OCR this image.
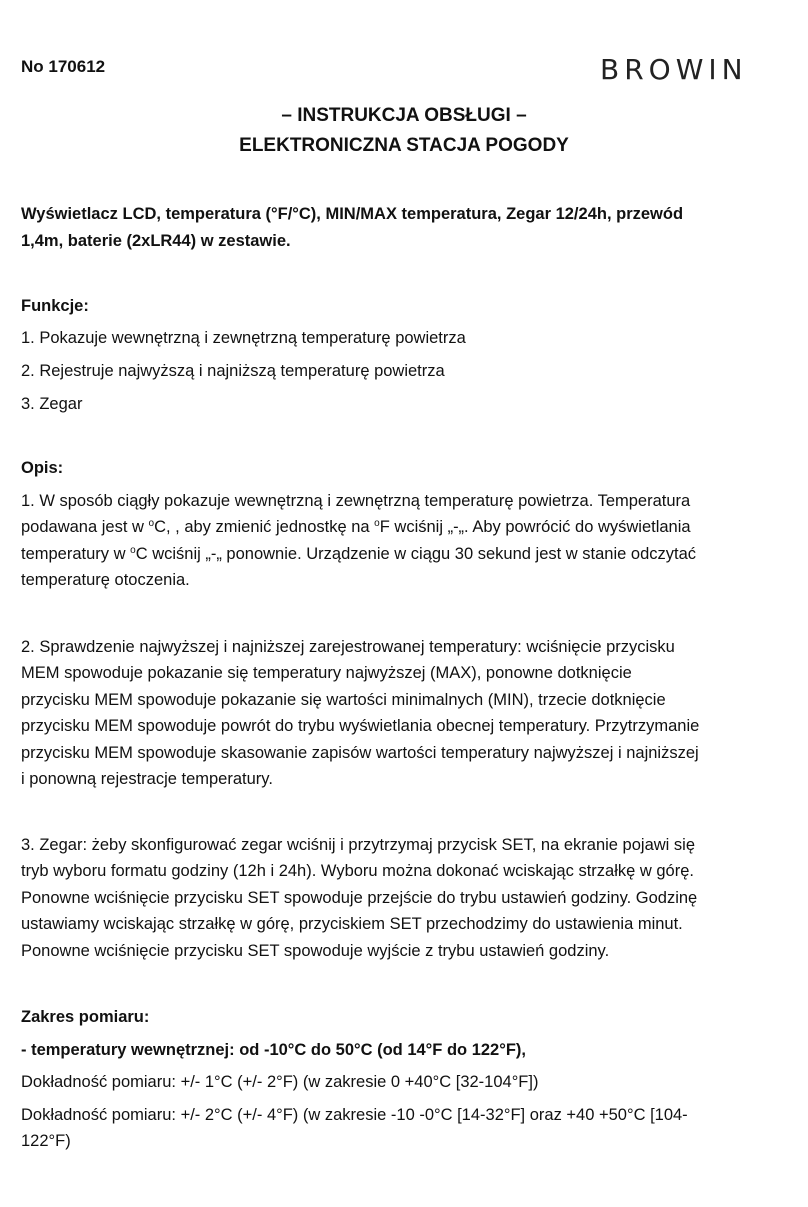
No 170612	BROWIN
– INSTRUKCJA OBSŁUGI –
ELEKTRONICZNA STACJA POGODY
Wyświetlacz LCD, temperatura (°F/°C), MIN/MAX temperatura, Zegar 12/24h, przewód
1,4m, baterie (2xLR44) w zestawie.
Funkcje:
1. Pokazuje wewnętrzną i zewnętrzną temperaturę powietrza
2. Rejestruje najwyższą i najniższą temperaturę powietrza
3. Zegar
Opis:
1. W sposób ciągły pokazuje wewnętrzną i zewnętrzną temperaturę powietrza. Temperatura
podawana jest w $^o$C, , aby zmienić jednostkę na $^o$F wciśnij „-„. Aby powrócić do wyświetlania
temperatury w $^o$C wciśnij „-„ ponownie. Urządzenie w ciągu 30 sekund jest w stanie odczytać
temperaturę otoczenia.
2. Sprawdzenie najwyższej i najniższej zarejestrowanej temperatury: wciśnięcie przycisku
MEM spowoduje pokazanie się temperatury najwyższej (MAX), ponowne dotknięcie
przycisku MEM spowoduje pokazanie się wartości minimalnych (MIN), trzecie dotknięcie
przycisku MEM spowoduje powrót do trybu wyświetlania obecnej temperatury. Przytrzymanie
przycisku MEM spowoduje skasowanie zapisów wartości temperatury najwyższej i najniższej
i ponowną rejestracje temperatury.
3. Zegar: żeby skonfigurować zegar wciśnij i przytrzymaj przycisk SET, na ekranie pojawi się
tryb wyboru formatu godziny (12h i 24h). Wyboru można dokonać wciskając strzałkę w górę.
Ponowne wciśnięcie przycisku SET spowoduje przejście do trybu ustawień godziny. Godzinę
ustawiamy wciskając strzałkę w górę, przyciskiem SET przechodzimy do ustawienia minut.
Ponowne wciśnięcie przycisku SET spowoduje wyjście z trybu ustawień godziny.
Zakres pomiaru:
- temperatury wewnętrznej: od -10°C do 50°C (od 14°F do 122°F),
Dokładność pomiaru: +/- 1°C (+/- 2°F) (w zakresie 0 +40°C [32-104°F])
Dokładność pomiaru: +/- 2°C (+/- 4°F) (w zakresie -10 -0°C [14-32°F] oraz +40 +50°C [104-
122°F)
